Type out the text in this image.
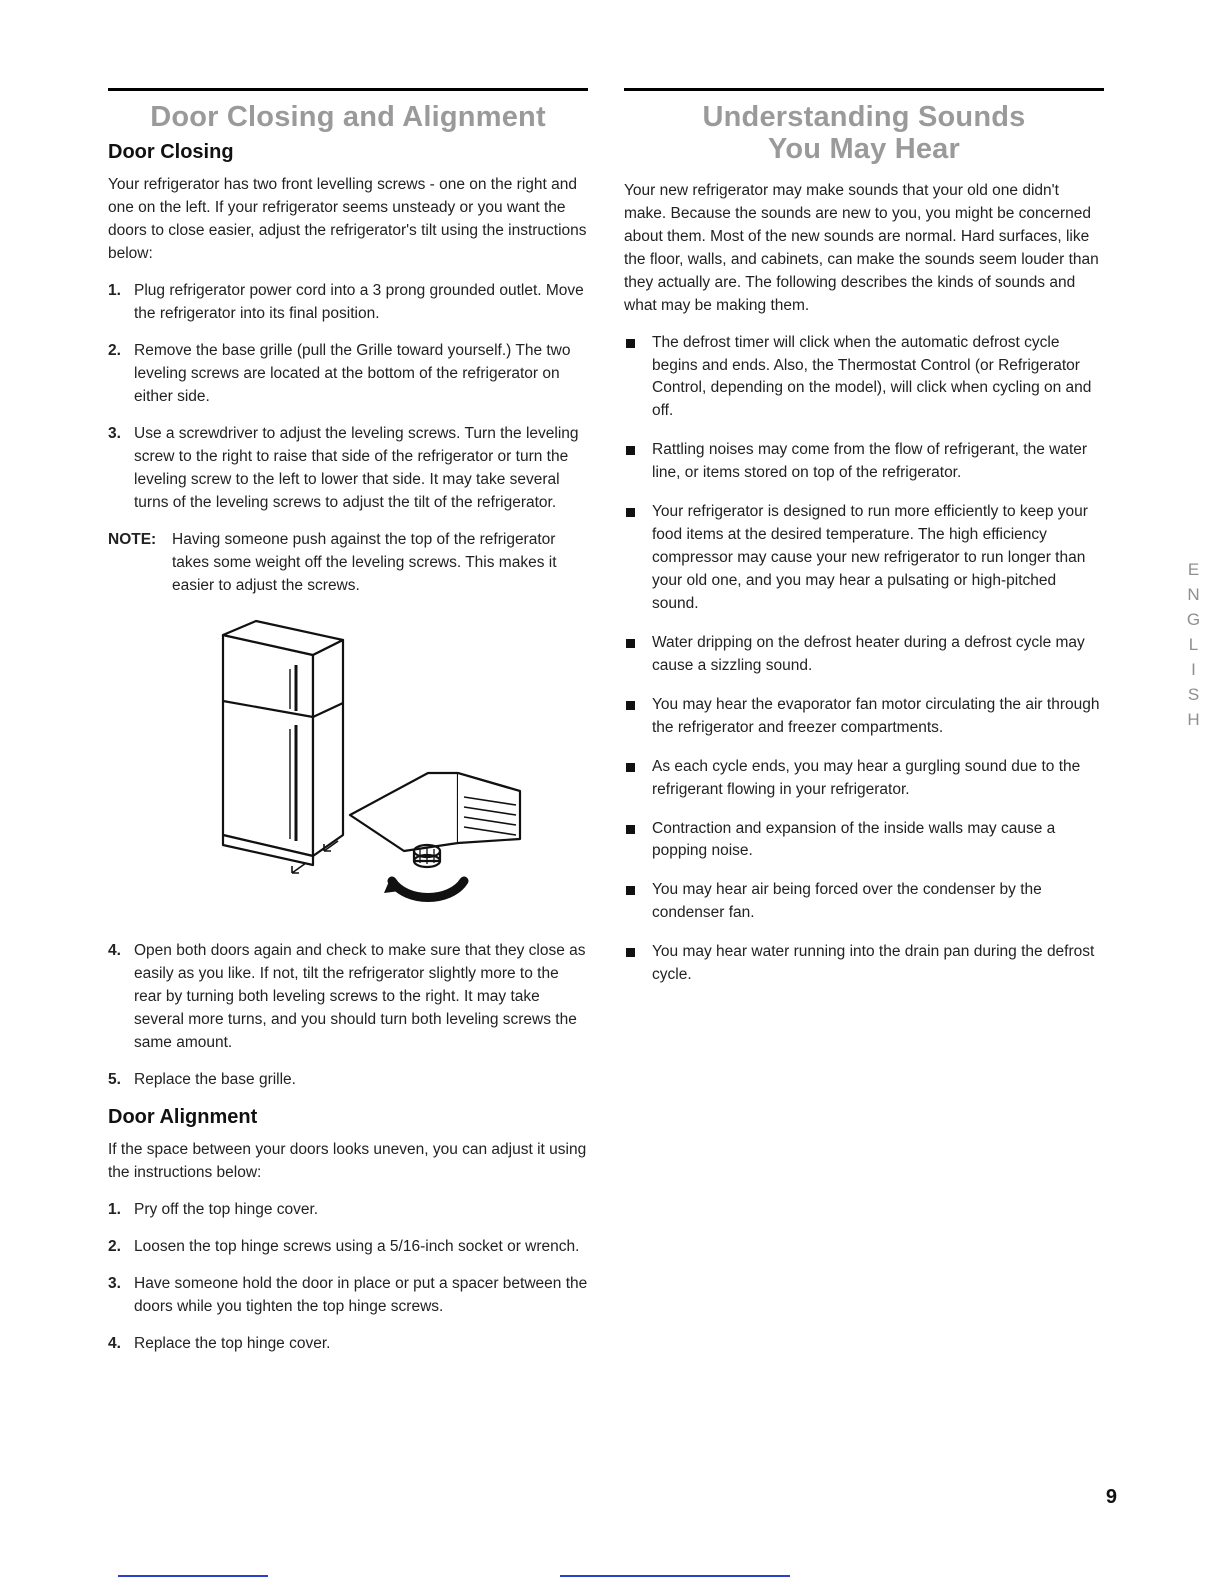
Door Closing and Alignment
Door Closing

Your refrigerator has two front levelling screws - one on the right and one on the left. If your refrigerator seems unsteady or you want the doors to close easier, adjust the refrigerator's tilt using the instructions below:

1. Plug refrigerator power cord into a 3 prong grounded outlet. Move the refrigerator into its final position.
2. Remove the base grille (pull the Grille toward yourself.) The two leveling screws are located at the bottom of the refrigerator on either side.
3. Use a screwdriver to adjust the leveling screws. Turn the leveling screw to the right to raise that side of the refrigerator or turn the leveling screw to the left to lower that side. It may take several turns of the leveling screws to adjust the tilt of the refrigerator.
NOTE: Having someone push against the top of the refrigerator takes some weight off the leveling screws. This makes it easier to adjust the screws.
4. Open both doors again and check to make sure that they close as easily as you like. If not, tilt the refrigerator slightly more to the rear by turning both leveling screws to the right. It may take several more turns, and you should turn both leveling screws the same amount.
5. Replace the base grille.
Door Alignment

If the space between your doors looks uneven, you can adjust it using the instructions below:

1. Pry off the top hinge cover.
2. Loosen the top hinge screws using a 5/16-inch socket or wrench.
3. Have someone hold the door in place or put a spacer between the doors while you tighten the top hinge screws.
4. Replace the top hinge cover.
Understanding Sounds
You May Hear

Your new refrigerator may make sounds that your old one didn't make. Because the sounds are new to you, you might be concerned about them. Most of the new sounds are normal. Hard surfaces, like the floor, walls, and cabinets, can make the sounds seem louder than they actually are. The following describes the kinds of sounds and what may be making them.

The defrost timer will click when the automatic defrost cycle begins and ends. Also, the Thermostat Control (or Refrigerator Control, depending on the model), will click when cycling on and off.
Rattling noises may come from the flow of refrigerant, the water line, or items stored on top of the refrigerator.
Your refrigerator is designed to run more efficiently to keep your food items at the desired temperature. The high efficiency compressor may cause your new refrigerator to run longer than your old one, and you may hear a pulsating or high-pitched sound.
Water dripping on the defrost heater during a defrost cycle may cause a sizzling sound.
You may hear the evaporator fan motor circulating the air through the refrigerator and freezer compartments.
As each cycle ends, you may hear a gurgling sound due to the refrigerant flowing in your refrigerator.
Contraction and expansion of the inside walls may cause a popping noise.
You may hear air being forced over the condenser by the condenser fan.
You may hear water running into the drain pan during the defrost cycle.
ENGLISH
9
